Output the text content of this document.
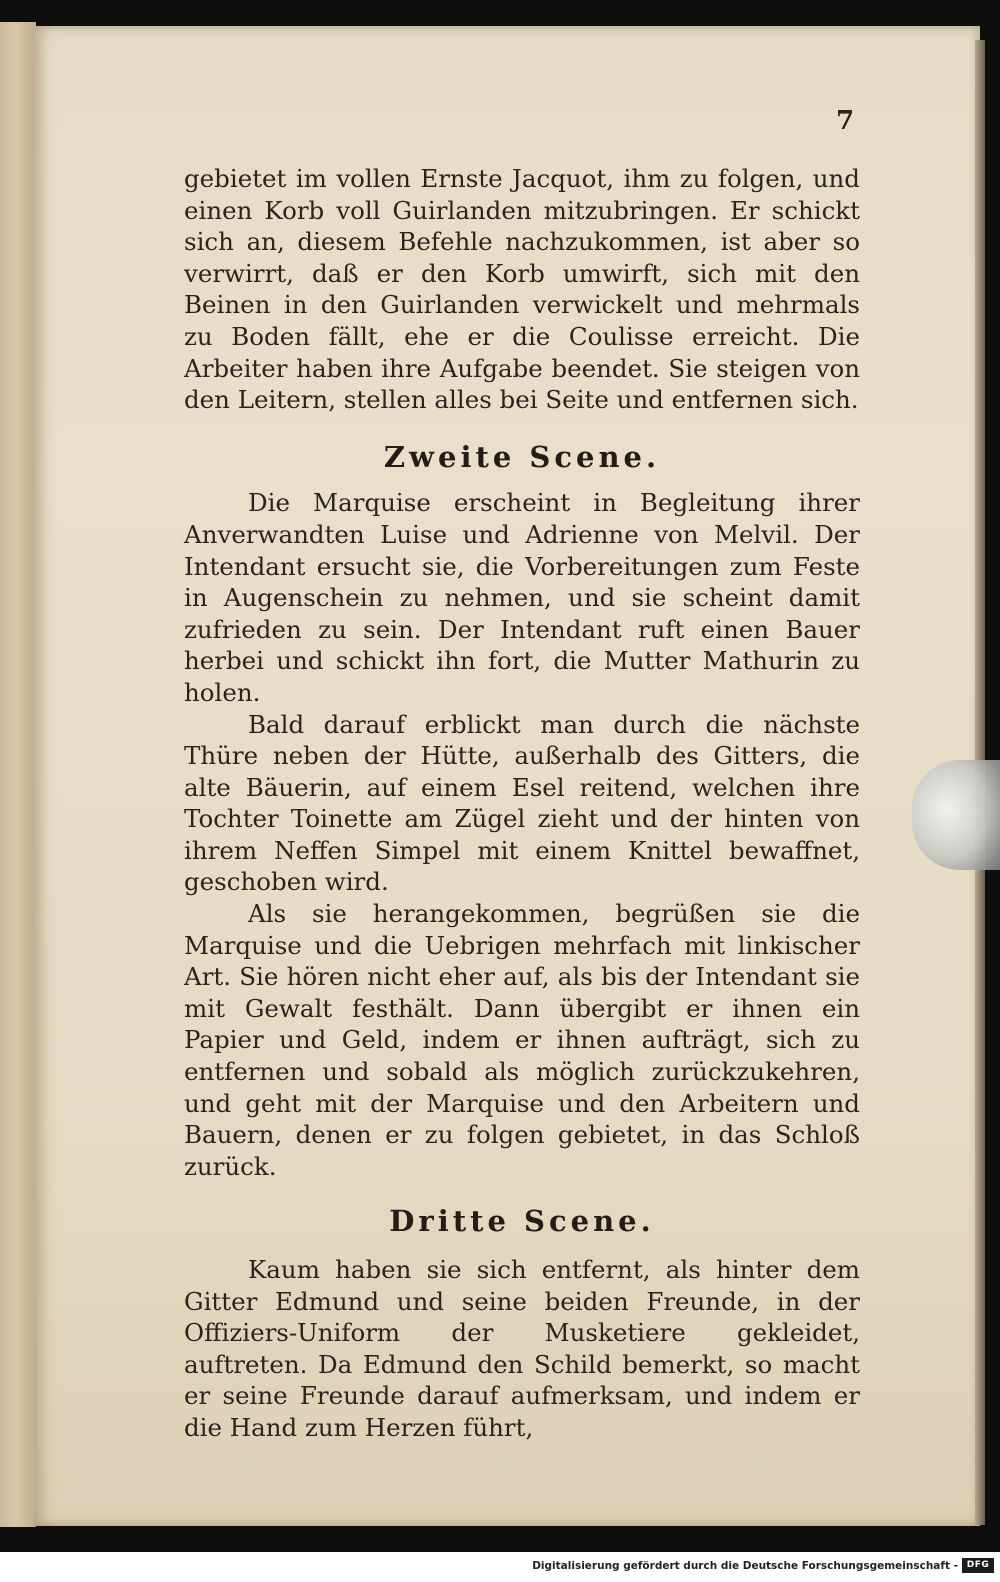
7

gebietet im vollen Ernste Jacquot, ihm zu folgen, und einen Korb voll Guirlanden mitzubringen. Er schickt sich an, diesem Befehle nachzukommen, ist aber so verwirrt, daß er den Korb umwirft, sich mit den Beinen in den Guirlanden verwickelt und mehrmals zu Boden fällt, ehe er die Coulisse erreicht. Die Arbeiter haben ihre Aufgabe beendet. Sie steigen von den Leitern, stellen alles bei Seite und entfernen sich.

Zweite Scene.

Die Marquise erscheint in Begleitung ihrer Anverwandten Luise und Adrienne von Melvil. Der Intendant ersucht sie, die Vorbereitungen zum Feste in Augenschein zu nehmen, und sie scheint damit zufrieden zu sein. Der Intendant ruft einen Bauer herbei und schickt ihn fort, die Mutter Mathurin zu holen.

Bald darauf erblickt man durch die nächste Thüre neben der Hütte, außerhalb des Gitters, die alte Bäuerin, auf einem Esel reitend, welchen ihre Tochter Toinette am Zügel zieht und der hinten von ihrem Neffen Simpel mit einem Knittel bewaffnet, geschoben wird.

Als sie herangekommen, begrüßen sie die Marquise und die Uebrigen mehrfach mit linkischer Art. Sie hören nicht eher auf, als bis der Intendant sie mit Gewalt festhält. Dann übergibt er ihnen ein Papier und Geld, indem er ihnen aufträgt, sich zu entfernen und sobald als möglich zurückzukehren, und geht mit der Marquise und den Arbeitern und Bauern, denen er zu folgen gebietet, in das Schloß zurück.

Dritte Scene.

Kaum haben sie sich entfernt, als hinter dem Gitter Edmund und seine beiden Freunde, in der Offiziers-Uniform der Musketiere gekleidet, auftreten. Da Edmund den Schild bemerkt, so macht er seine Freunde darauf aufmerksam, und indem er die Hand zum Herzen führt,

Digitalisierung gefördert durch die Deutsche Forschungsgemeinschaft - DFG
